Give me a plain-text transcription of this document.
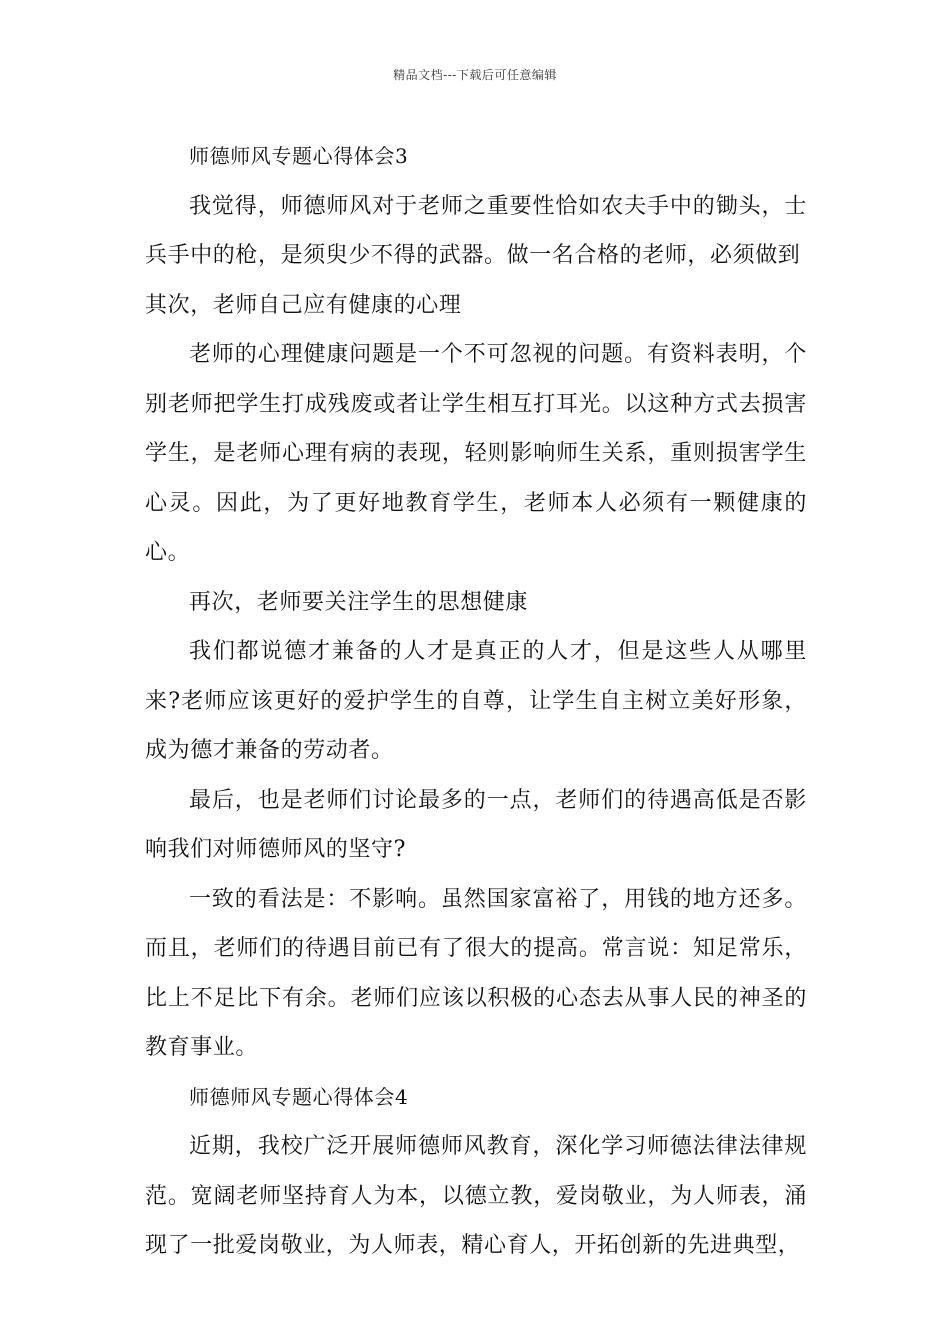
精品文档---下载后可任意编辑

师德师风专题心得体会3

我觉得，师德师风对于老师之重要性恰如农夫手中的锄头，士兵手中的枪，是须臾少不得的武器。做一名合格的老师，必须做到

其次，老师自己应有健康的心理

老师的心理健康问题是一个不可忽视的问题。有资料表明，个别老师把学生打成残废或者让学生相互打耳光。以这种方式去损害学生，是老师心理有病的表现，轻则影响师生关系，重则损害学生心灵。因此，为了更好地教育学生，老师本人必须有一颗健康的心。

再次，老师要关注学生的思想健康

我们都说德才兼备的人才是真正的人才，但是这些人从哪里来?老师应该更好的爱护学生的自尊，让学生自主树立美好形象，成为德才兼备的劳动者。

最后，也是老师们讨论最多的一点，老师们的待遇高低是否影响我们对师德师风的坚守?

一致的看法是：不影响。虽然国家富裕了，用钱的地方还多。而且，老师们的待遇目前已有了很大的提高。常言说：知足常乐，比上不足比下有余。老师们应该以积极的心态去从事人民的神圣的教育事业。

师德师风专题心得体会4

近期，我校广泛开展师德师风教育，深化学习师德法律法律规范。宽阔老师坚持育人为本，以德立教，爱岗敬业，为人师表，涌现了一批爱岗敬业，为人师表，精心育人，开拓创新的先进典型，
